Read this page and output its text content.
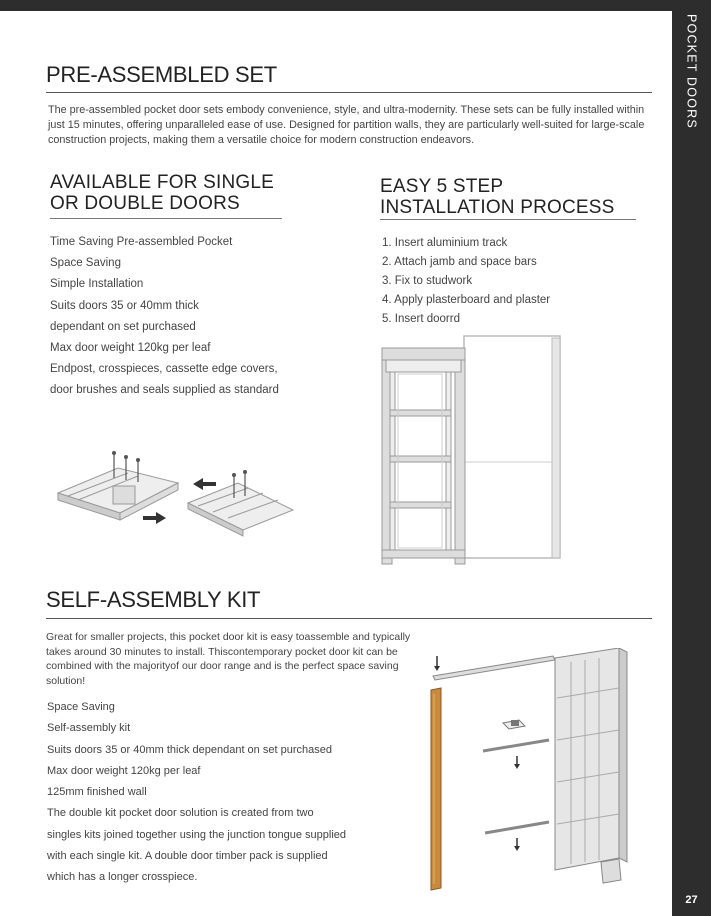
POCKET DOORS
27
PRE-ASSEMBLED SET

The pre-assembled pocket door sets embody convenience, style, and ultra-modernity. These sets can be fully installed within just 15 minutes, offering unparalleled ease of use. Designed for partition walls, they are particularly well-suited for large-scale construction projects, making them a versatile choice for modern construction endeavors.

AVAILABLE FOR SINGLE
OR DOUBLE DOORS
Time Saving Pre-assembled Pocket
Space Saving
Simple Installation
Suits doors 35 or 40mm thick
dependant on set purchased
Max door weight 120kg per leaf
Endpost, crosspieces, cassette edge covers,
door brushes and seals supplied as standard
EASY 5 STEP
INSTALLATION PROCESS
1. Insert aluminium track
2. Attach jamb and space bars
3. Fix to studwork
4. Apply plasterboard and plaster
5. Insert doorrd
SELF-ASSEMBLY KIT

Great for smaller projects, this pocket door kit is easy toassemble and typically takes around 30 minutes to install. Thiscontemporary pocket door kit can be combined with the majorityof our door range and is the perfect space saving solution!

Space Saving
Self-assembly kit
Suits doors 35 or 40mm thick dependant on set purchased
Max door weight 120kg per leaf
125mm finished wall
The double kit pocket door solution is created from two
singles kits joined together using the junction tongue supplied
with each single kit. A double door timber pack is supplied
which has a longer crosspiece.
